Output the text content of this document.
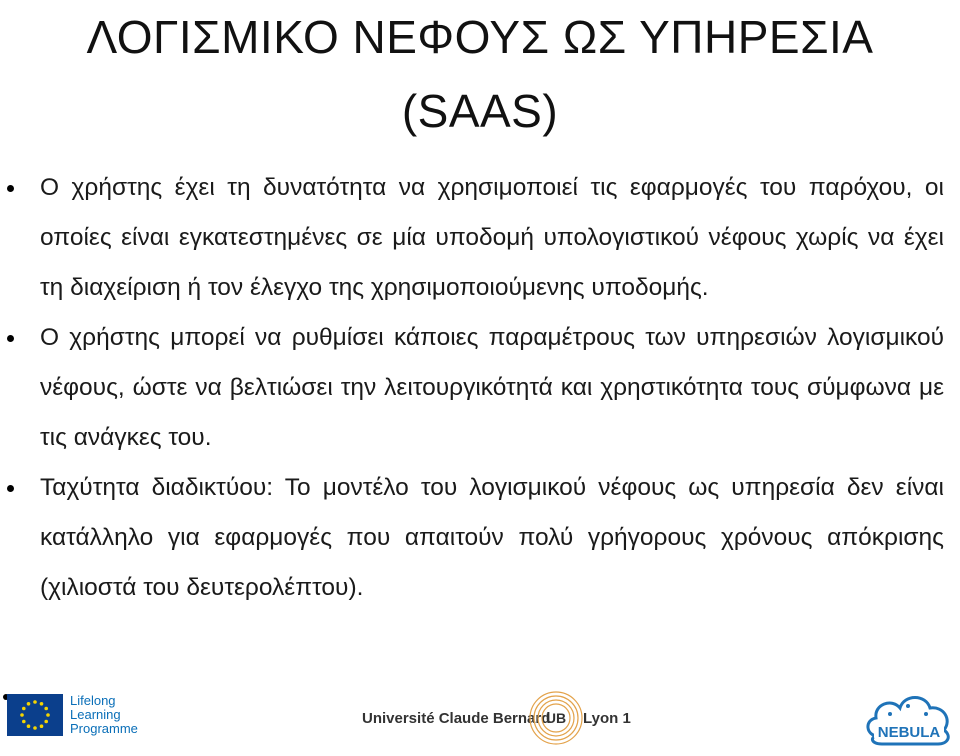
ΛΟΓΙΣΜΙΚΟ ΝΕΦΟΥΣ ΩΣ ΥΠΗΡΕΣΙΑ
(SAAS)
Ο χρήστης έχει τη δυνατότητα να χρησιμοποιεί τις εφαρμογές του παρόχου, οι οποίες είναι εγκατεστημένες σε μία υποδομή υπολογιστικού νέφους χωρίς να έχει τη διαχείριση ή τον έλεγχο της χρησιμοποιούμενης υποδομής.
Ο χρήστης μπορεί να ρυθμίσει κάποιες παραμέτρους των υπηρεσιών λογισμικού νέφους, ώστε να βελτιώσει την λειτουργικότητά και χρηστικότητα τους σύμφωνα με τις ανάγκες του.
Ταχύτητα διαδικτύου: Το μοντέλο του λογισμικού νέφους ως υπηρεσία δεν είναι κατάλληλο για εφαρμογές που απαιτούν πολύ γρήγορους χρόνους απόκρισης (χιλιοστά του δευτερολέπτου).
Lifelong
Learning
Programme
Université Claude Bernard
UB Lyon 1
NEBULA
